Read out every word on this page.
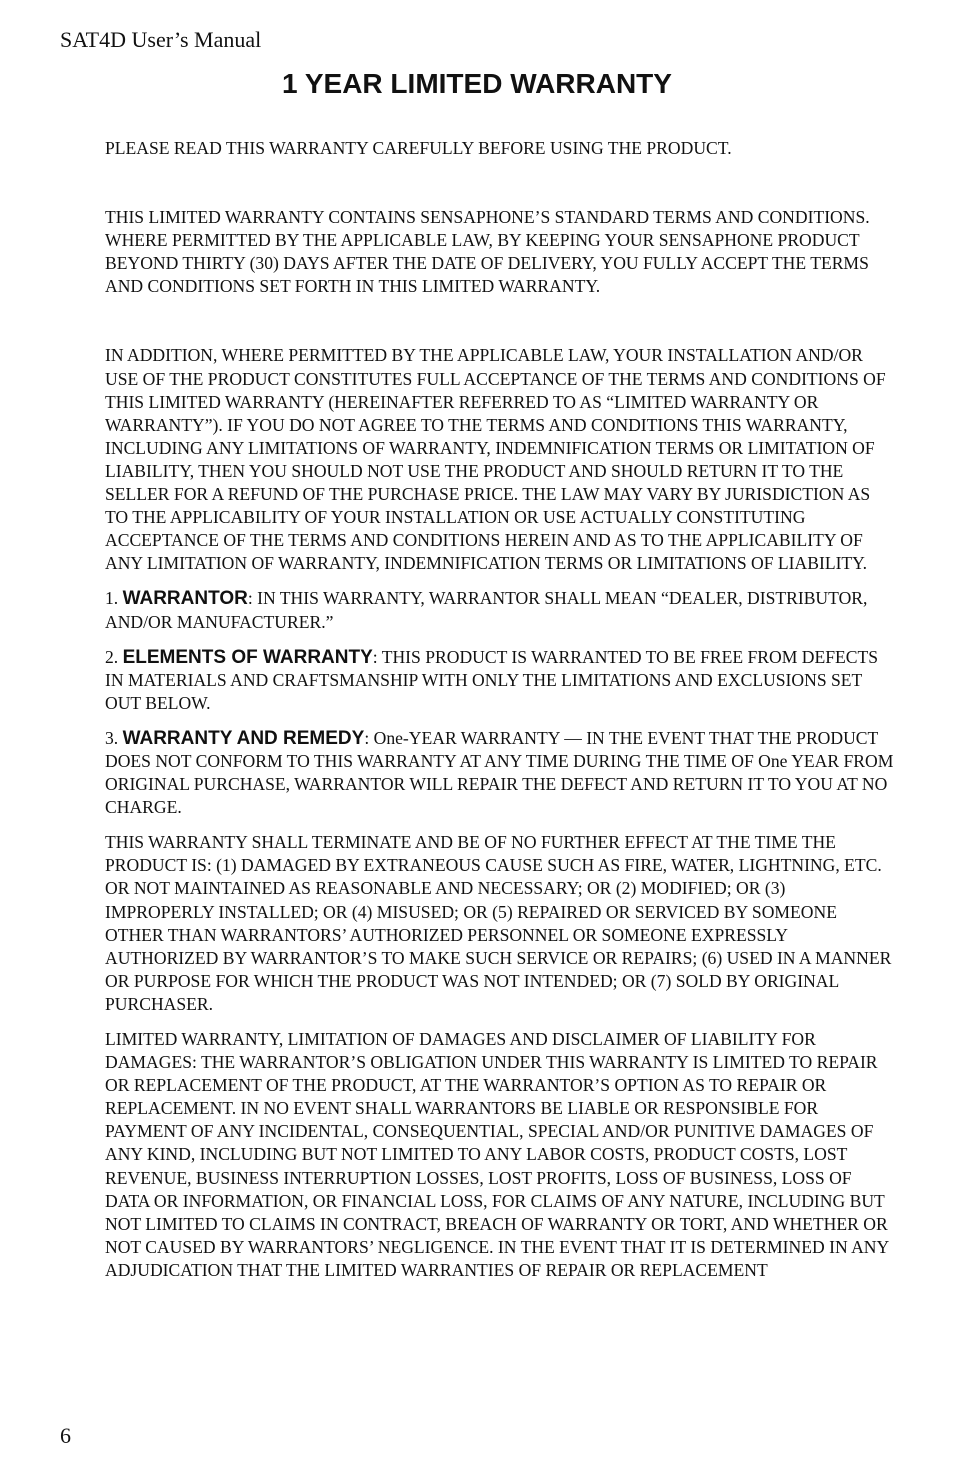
SAT4D User’s Manual
1 YEAR LIMITED WARRANTY

PLEASE READ THIS WARRANTY CAREFULLY BEFORE USING THE PRODUCT.

THIS LIMITED WARRANTY CONTAINS SENSAPHONE’S STANDARD TERMS AND CONDITIONS. WHERE PERMITTED BY THE APPLICABLE LAW, BY KEEPING YOUR SENSAPHONE PRODUCT BEYOND THIRTY (30) DAYS AFTER THE DATE OF DELIVERY, YOU FULLY ACCEPT THE TERMS AND CONDITIONS SET FORTH IN THIS LIMITED WARRANTY.

IN ADDITION, WHERE PERMITTED BY THE APPLICABLE LAW, YOUR INSTALLATION AND/OR USE OF THE PRODUCT CONSTITUTES FULL ACCEPTANCE OF THE TERMS AND CONDITIONS OF THIS LIMITED WARRANTY (HEREINAFTER REFERRED TO AS “LIMITED WARRANTY OR WARRANTY”). IF YOU DO NOT AGREE TO THE TERMS AND CONDITIONS THIS WARRANTY, INCLUDING ANY LIMITATIONS OF WARRANTY, INDEMNIFICATION TERMS OR LIMITATION OF LIABILITY, THEN YOU SHOULD NOT USE THE PRODUCT AND SHOULD RETURN IT TO THE SELLER FOR A REFUND OF THE PURCHASE PRICE. THE LAW MAY VARY BY JURISDICTION AS TO THE APPLICABILITY OF YOUR INSTALLATION OR USE ACTUALLY CONSTITUTING ACCEPTANCE OF THE TERMS AND CONDITIONS HEREIN AND AS TO THE APPLICABILITY OF ANY LIMITATION OF WARRANTY, INDEMNIFICATION TERMS OR LIMITATIONS OF LIABILITY.

1. WARRANTOR: IN THIS WARRANTY, WARRANTOR SHALL MEAN “DEALER, DISTRIBUTOR, AND/OR MANUFACTURER.”

2. ELEMENTS OF WARRANTY: THIS PRODUCT IS WARRANTED TO BE FREE FROM DEFECTS IN MATERIALS AND CRAFTSMANSHIP WITH ONLY THE LIMITATIONS AND EXCLUSIONS SET OUT BELOW.

3. WARRANTY AND REMEDY: One-YEAR WARRANTY — IN THE EVENT THAT THE PRODUCT DOES NOT CONFORM TO THIS WARRANTY AT ANY TIME DURING THE TIME OF One YEAR FROM ORIGINAL PURCHASE, WARRANTOR WILL REPAIR THE DEFECT AND RETURN IT TO YOU AT NO CHARGE.

THIS WARRANTY SHALL TERMINATE AND BE OF NO FURTHER EFFECT AT THE TIME THE PRODUCT IS: (1) DAMAGED BY EXTRANEOUS CAUSE SUCH AS FIRE, WATER, LIGHTNING, ETC. OR NOT MAINTAINED AS REASONABLE AND NECESSARY; OR (2) MODIFIED; OR (3) IMPROPERLY INSTALLED; OR (4) MISUSED; OR (5) REPAIRED OR SERVICED BY SOMEONE OTHER THAN WARRANTORS’ AUTHORIZED PERSONNEL OR SOMEONE EXPRESSLY AUTHORIZED BY WARRANTOR’S TO MAKE SUCH SERVICE OR REPAIRS; (6) USED IN A MANNER OR PURPOSE FOR WHICH THE PRODUCT WAS NOT INTENDED; OR (7) SOLD BY ORIGINAL PURCHASER.

LIMITED WARRANTY, LIMITATION OF DAMAGES AND DISCLAIMER OF LIABILITY FOR DAMAGES: THE WARRANTOR’S OBLIGATION UNDER THIS WARRANTY IS LIMITED TO REPAIR OR REPLACEMENT OF THE PRODUCT, AT THE WARRANTOR’S OPTION AS TO REPAIR OR REPLACEMENT. IN NO EVENT SHALL WARRANTORS BE LIABLE OR RESPONSIBLE FOR PAYMENT OF ANY INCIDENTAL, CONSEQUENTIAL, SPECIAL AND/OR PUNITIVE DAMAGES OF ANY KIND, INCLUDING BUT NOT LIMITED TO ANY LABOR COSTS, PRODUCT COSTS, LOST REVENUE, BUSINESS INTERRUPTION LOSSES, LOST PROFITS, LOSS OF BUSINESS, LOSS OF DATA OR INFORMATION, OR FINANCIAL LOSS, FOR CLAIMS OF ANY NATURE, INCLUDING BUT NOT LIMITED TO CLAIMS IN CONTRACT, BREACH OF WARRANTY OR TORT, AND WHETHER OR NOT CAUSED BY WARRANTORS’ NEGLIGENCE. IN THE EVENT THAT IT IS DETERMINED IN ANY ADJUDICATION THAT THE LIMITED WARRANTIES OF REPAIR OR REPLACEMENT

6
